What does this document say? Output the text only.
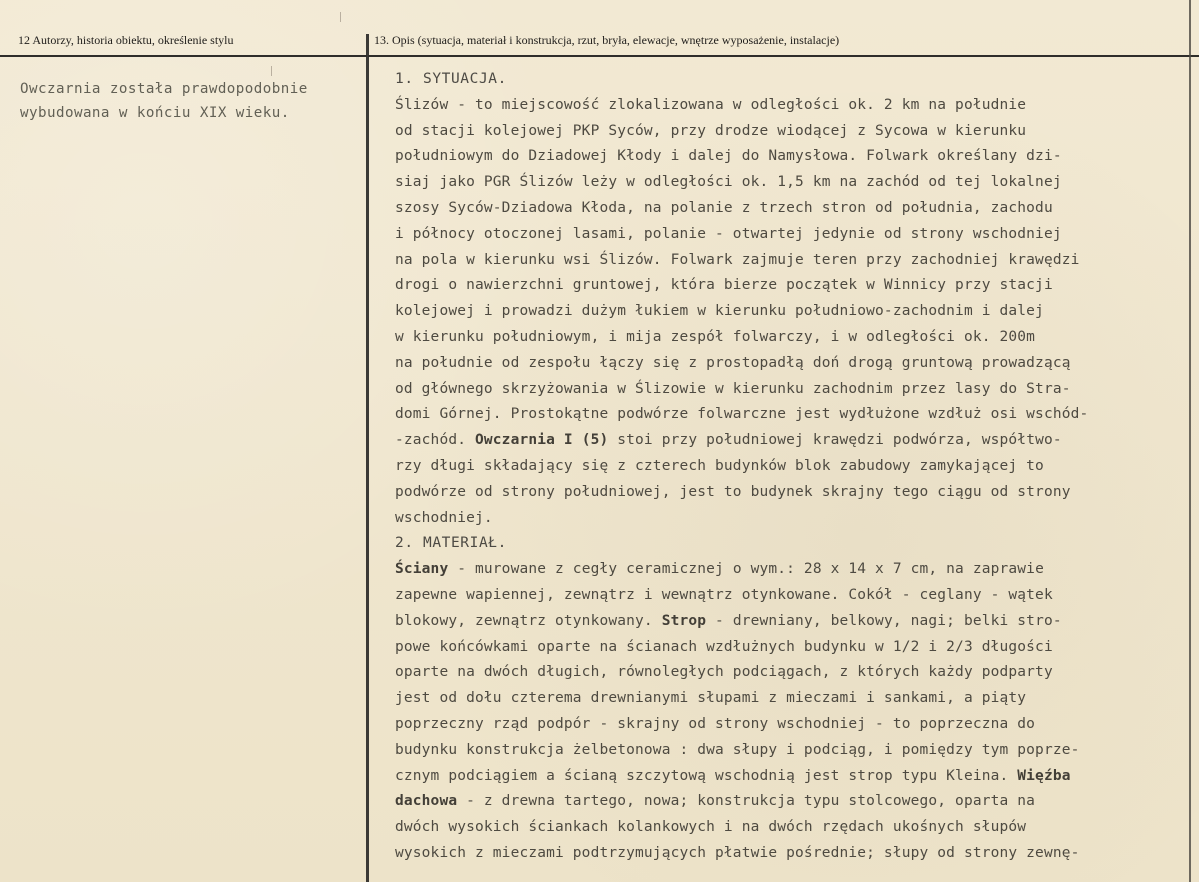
12 Autorzy, historia obiektu, określenie stylu	13. Opis (sytuacja, materiał i konstrukcja, rzut, bryła, elewacje, wnętrze wyposażenie, instalacje)
Owczarnia została prawdopodobnie
wybudowana w końciu XIX wieku.
1. SYTUACJA.
Ślizów - to miejscowość zlokalizowana w odległości ok. 2 km na południe
od stacji kolejowej PKP Syców, przy drodze wiodącej z Sycowa w kierunku
południowym do Dziadowej Kłody i dalej do Namysłowa. Folwark określany dzi-
siaj jako PGR Ślizów leży w odległości ok. 1,5 km na zachód od tej lokalnej
szosy Syców-Dziadowa Kłoda, na polanie z trzech stron od południa, zachodu
i północy otoczonej lasami, polanie - otwartej jedynie od strony wschodniej
na pola w kierunku wsi Ślizów. Folwark zajmuje teren przy zachodniej krawędzi
drogi o nawierzchni gruntowej, która bierze początek w Winnicy przy stacji
kolejowej i prowadzi dużym łukiem w kierunku południowo-zachodnim i dalej
w kierunku południowym, i mija zespół folwarczy, i w odległości ok. 200m
na południe od zespołu łączy się z prostopadłą doń drogą gruntową prowadzącą
od głównego skrzyżowania w Ślizowie w kierunku zachodnim przez lasy do Stra-
domi Górnej. Prostokątne podwórze folwarczne jest wydłużone wzdłuż osi wschód-
-zachód. Owczarnia I (5) stoi przy południowej krawędzi podwórza, współtwo-
rzy długi składający się z czterech budynków blok zabudowy zamykającej to
podwórze od strony południowej, jest to budynek skrajny tego ciągu od strony
wschodniej.
2. MATERIAŁ.
Ściany - murowane z cegły ceramicznej o wym.: 28 x 14 x 7 cm, na zaprawie
zapewne wapiennej, zewnątrz i wewnątrz otynkowane. Cokół - ceglany - wątek
blokowy, zewnątrz otynkowany. Strop - drewniany, belkowy, nagi; belki stro-
powe końcówkami oparte na ścianach wzdłużnych budynku w 1/2 i 2/3 długości
oparte na dwóch długich, równoległych podciągach, z których każdy podparty
jest od dołu czterema drewnianymi słupami z mieczami i sankami, a piąty
poprzeczny rząd podpór - skrajny od strony wschodniej - to poprzeczna do
budynku konstrukcja żelbetonowa : dwa słupy i podciąg, i pomiędzy tym poprze-
cznym podciągiem a ścianą szczytową wschodnią jest strop typu Kleina. Więźba
dachowa - z drewna tartego, nowa; konstrukcja typu stolcowego, oparta na
dwóch wysokich ściankach kolankowych i na dwóch rzędach ukośnych słupów
wysokich z mieczami podtrzymujących płatwie pośrednie; słupy od strony zewnę-
